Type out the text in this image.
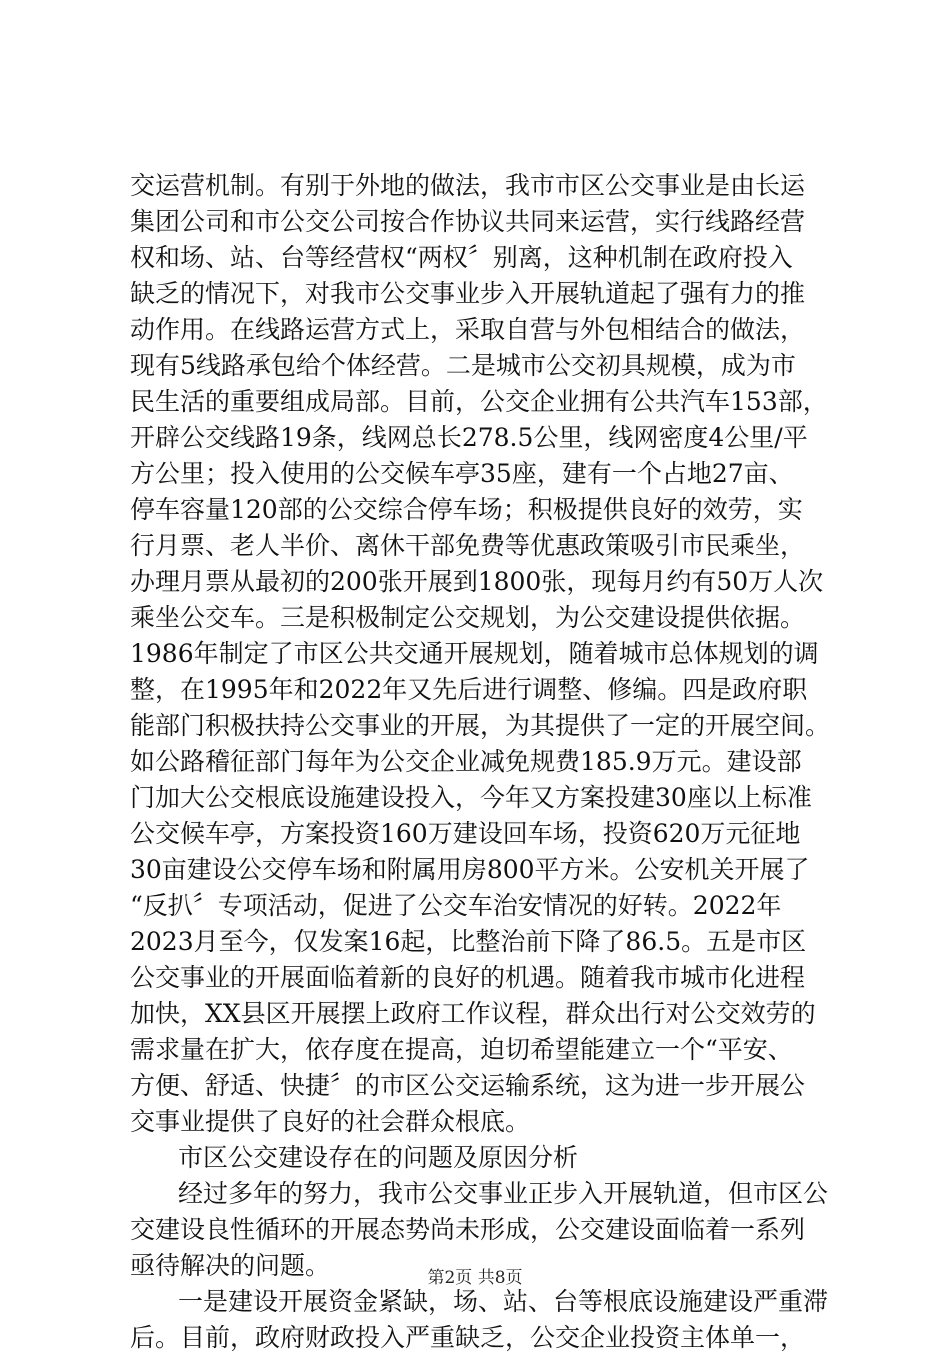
交运营机制。有别于外地的做法，我市市区公交事业是由长运
集团公司和市公交公司按合作协议共同来运营，实行线路经营
权和场、站、台等经营权“两权〞别离，这种机制在政府投入
缺乏的情况下，对我市公交事业步入开展轨道起了强有力的推
动作用。在线路运营方式上，采取自营与外包相结合的做法，
现有5线路承包给个体经营。二是城市公交初具规模，成为市
民生活的重要组成局部。目前，公交企业拥有公共汽车153部，
开辟公交线路19条，线网总长278.5公里，线网密度4公里/平
方公里；投入使用的公交候车亭35座，建有一个占地27亩、
停车容量120部的公交综合停车场；积极提供良好的效劳，实
行月票、老人半价、离休干部免费等优惠政策吸引市民乘坐，
办理月票从最初的200张开展到1800张，现每月约有50万人次
乘坐公交车。三是积极制定公交规划，为公交建设提供依据。
1986年制定了市区公共交通开展规划，随着城市总体规划的调
整，在1995年和2022年又先后进行调整、修编。四是政府职
能部门积极扶持公交事业的开展，为其提供了一定的开展空间。
如公路稽征部门每年为公交企业减免规费185.9万元。建设部
门加大公交根底设施建设投入，今年又方案投建30座以上标准
公交候车亭，方案投资160万建设回车场，投资620万元征地
30亩建设公交停车场和附属用房800平方米。公安机关开展了
“反扒〞专项活动，促进了公交车治安情况的好转。2022年
2023月至今，仅发案16起，比整治前下降了86.5。五是市区
公交事业的开展面临着新的良好的机遇。随着我市城市化进程
加快，XX县区开展摆上政府工作议程，群众出行对公交效劳的
需求量在扩大，依存度在提高，迫切希望能建立一个“平安、
方便、舒适、快捷〞的市区公交运输系统，这为进一步开展公
交事业提供了良好的社会群众根底。
市区公交建设存在的问题及原因分析
经过多年的努力，我市公交事业正步入开展轨道，但市区公
交建设良性循环的开展态势尚未形成，公交建设面临着一系列
亟待解决的问题。
一是建设开展资金紧缺，场、站、台等根底设施建设严重滞
后。目前，政府财政投入严重缺乏，公交企业投资主体单一，
第2页 共8页
